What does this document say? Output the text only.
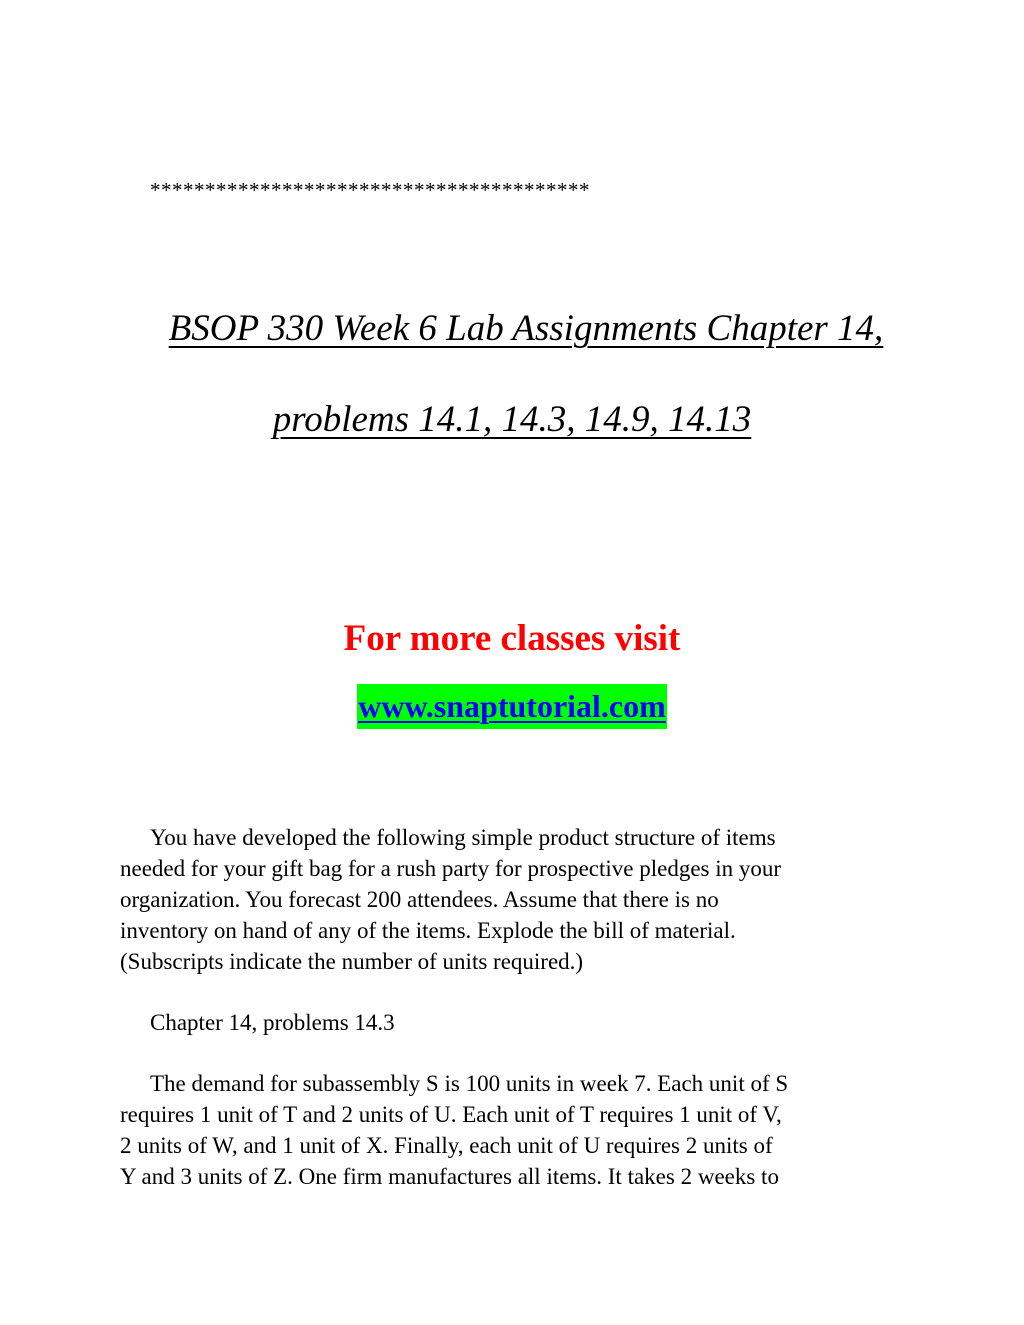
****************************************
BSOP 330 Week 6 Lab Assignments Chapter 14,
problems 14.1, 14.3, 14.9, 14.13
For more classes visit
www.snaptutorial.com
You have developed the following simple product structure of items
needed for your gift bag for a rush party for prospective pledges in your
organization. You forecast 200 attendees. Assume that there is no
inventory on hand of any of the items. Explode the bill of material.
(Subscripts indicate the number of units required.)
Chapter 14, problems 14.3
The demand for subassembly S is 100 units in week 7. Each unit of S
requires 1 unit of T and 2 units of U. Each unit of T requires 1 unit of V,
2 units of W, and 1 unit of X. Finally, each unit of U requires 2 units of
Y and 3 units of Z. One firm manufactures all items. It takes 2 weeks to
